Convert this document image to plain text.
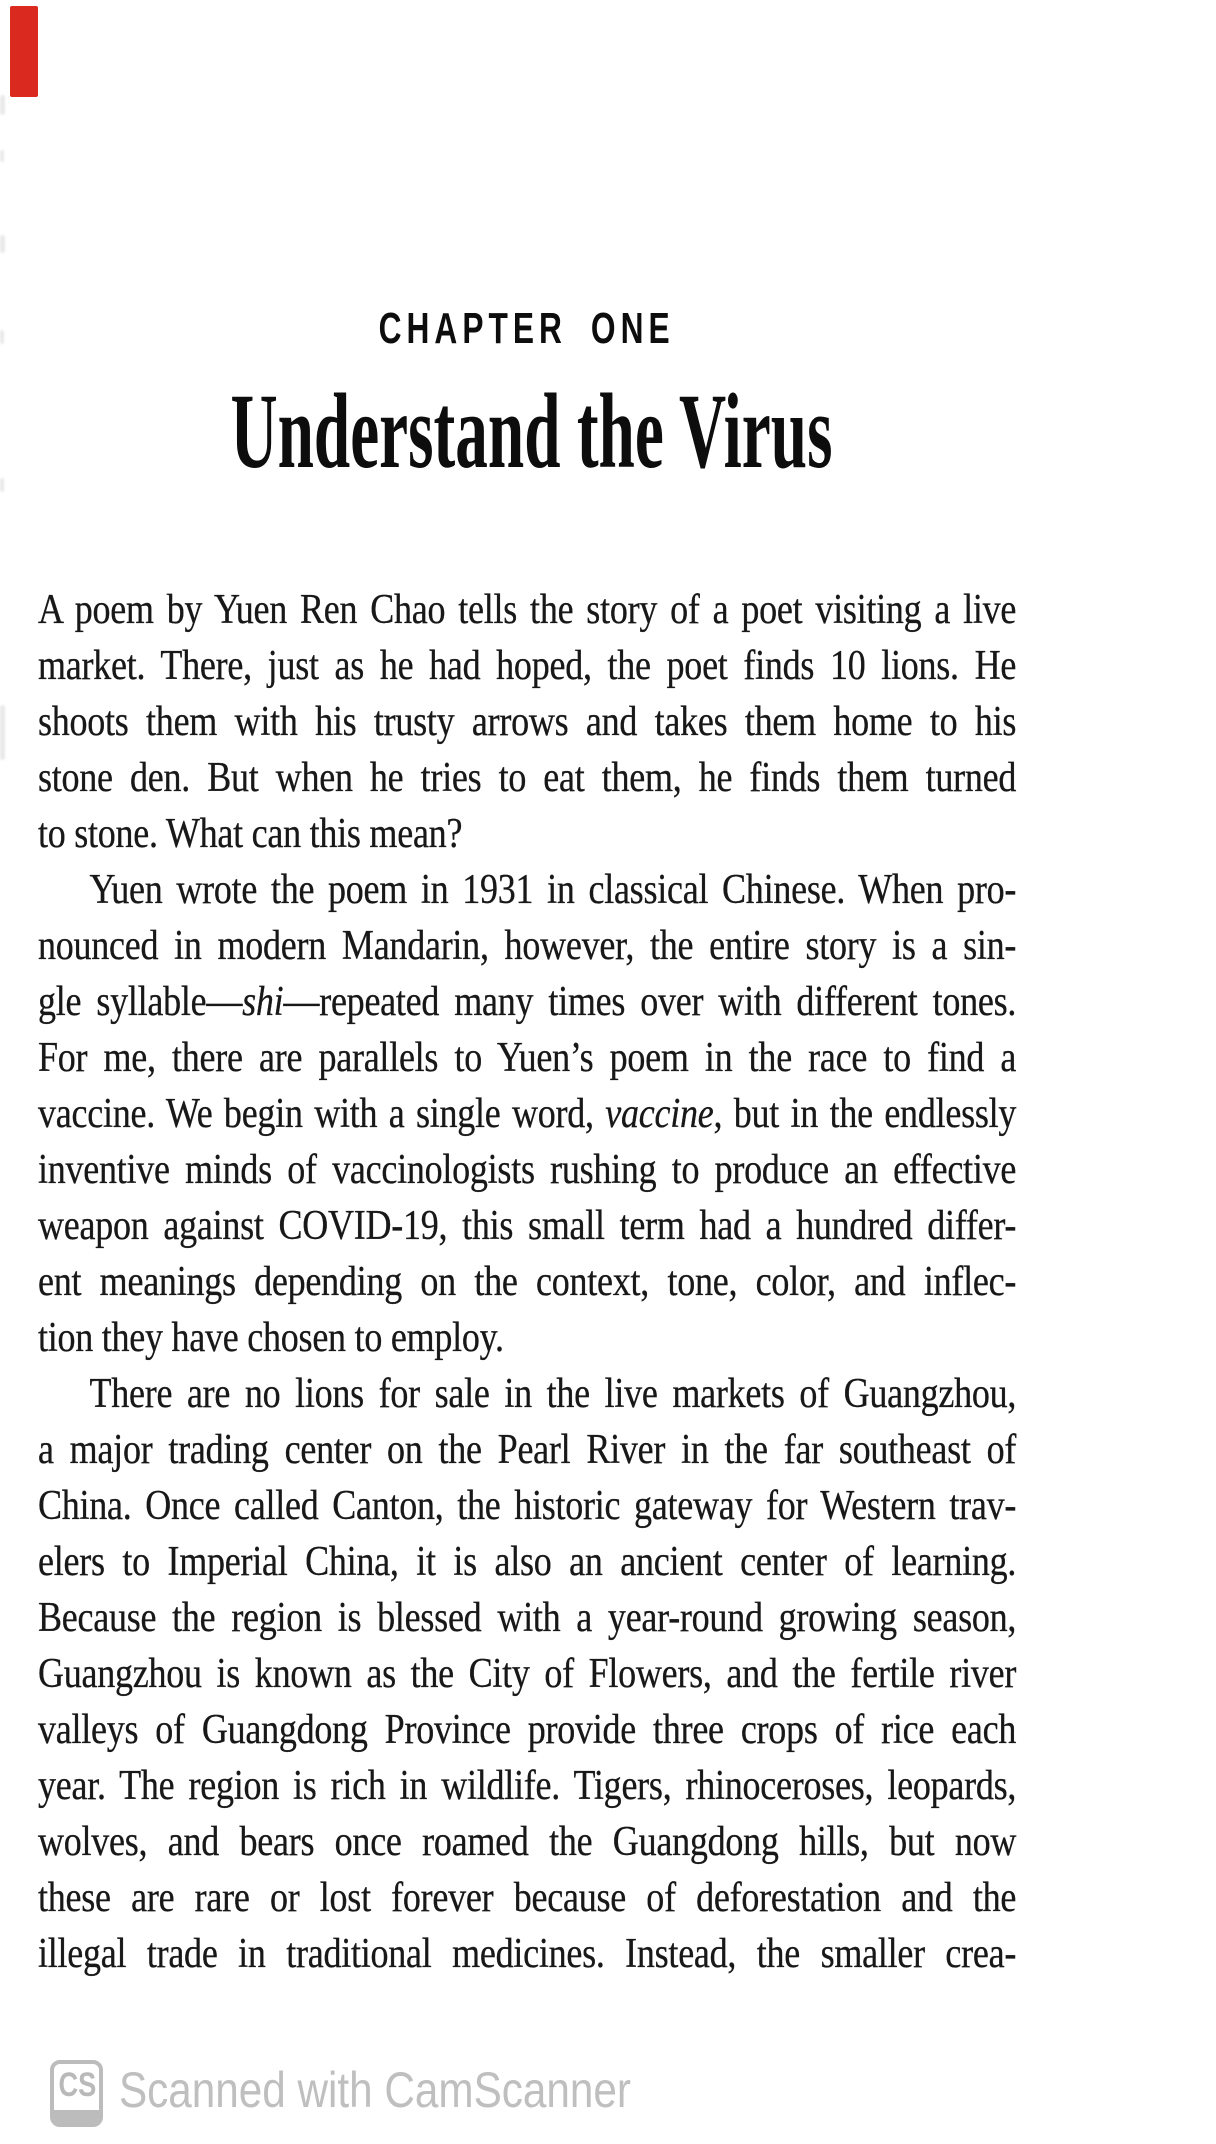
CHAPTER ONE
Understand the Virus
A poem by Yuen Ren Chao tells the story of a poet visiting a live
market. There, just as he had hoped, the poet finds 10 lions. He
shoots them with his trusty arrows and takes them home to his
stone den. But when he tries to eat them, he finds them turned
to stone. What can this mean?
Yuen wrote the poem in 1931 in classical Chinese. When pro-
nounced in modern Mandarin, however, the entire story is a sin-
gle syllable—shi—repeated many times over with different tones.
For me, there are parallels to Yuen’s poem in the race to find a
vaccine. We begin with a single word, vaccine, but in the endlessly
inventive minds of vaccinologists rushing to produce an effective
weapon against COVID-19, this small term had a hundred differ-
ent meanings depending on the context, tone, color, and inflec-
tion they have chosen to employ.
There are no lions for sale in the live markets of Guangzhou,
a major trading center on the Pearl River in the far southeast of
China. Once called Canton, the historic gateway for Western trav-
elers to Imperial China, it is also an ancient center of learning.
Because the region is blessed with a year-round growing season,
Guangzhou is known as the City of Flowers, and the fertile river
valleys of Guangdong Province provide three crops of rice each
year. The region is rich in wildlife. Tigers, rhinoceroses, leopards,
wolves, and bears once roamed the Guangdong hills, but now
these are rare or lost forever because of deforestation and the
illegal trade in traditional medicines. Instead, the smaller crea-
CS Scanned with CamScanner
